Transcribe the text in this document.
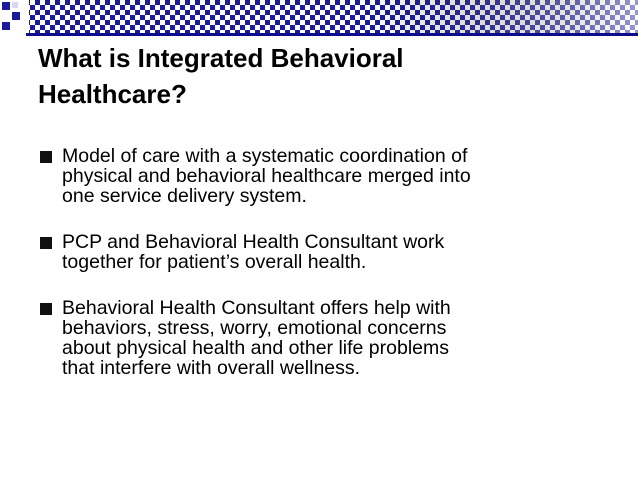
What is Integrated Behavioral
Healthcare?
Model of care with a systematic coordination of
physical and behavioral healthcare merged into
one service delivery system.
PCP and Behavioral Health Consultant work
together for patient’s overall health.
Behavioral Health Consultant offers help with
behaviors, stress, worry, emotional concerns
about physical health and other life problems
that interfere with overall wellness.
